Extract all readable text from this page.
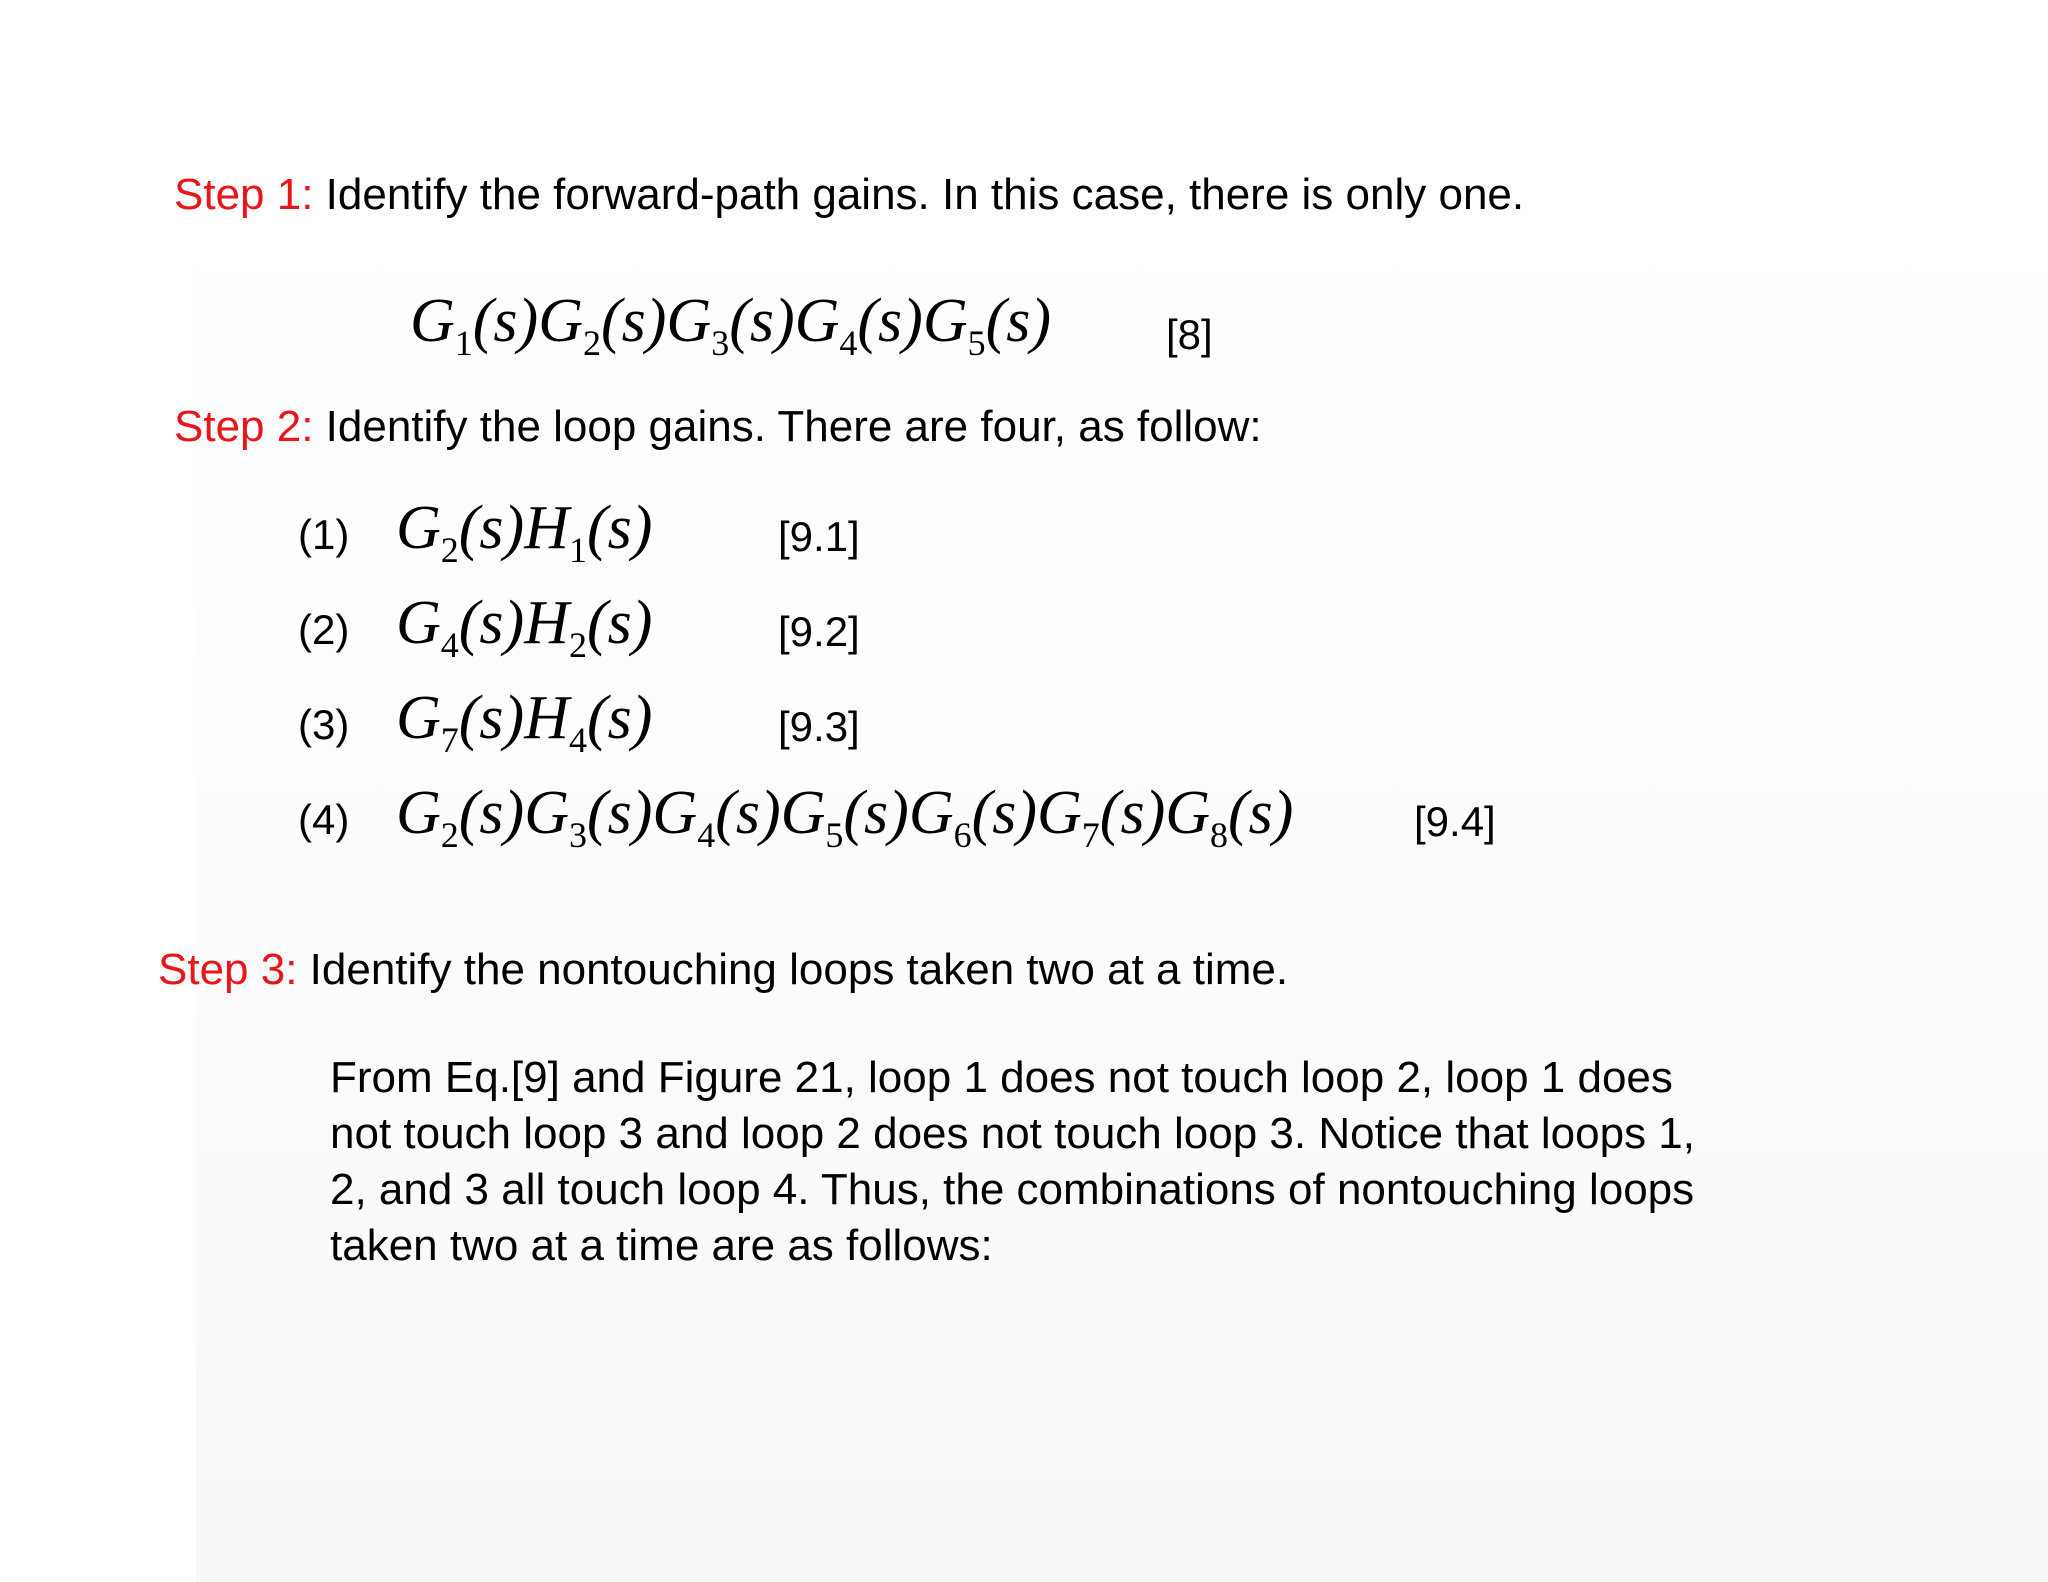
Step 1: Identify the forward-path gains. In this case, there is only one.
$G_1(s)G_2(s)G_3(s)G_4(s)G_5(s)$	[8]
Step 2: Identify the loop gains. There are four, as follow:
(1) $G_2(s)H_1(s)$	[9.1]
(2) $G_4(s)H_2(s)$	[9.2]
(3) $G_7(s)H_4(s)$	[9.3]
(4) $G_2(s)G_3(s)G_4(s)G_5(s)G_6(s)G_7(s)G_8(s)$	[9.4]
Step 3: Identify the nontouching loops taken two at a time.
From Eq.[9] and Figure 21, loop 1 does not touch loop 2, loop 1 does
not touch loop 3 and loop 2 does not touch loop 3. Notice that loops 1,
2, and 3 all touch loop 4. Thus, the combinations of nontouching loops
taken two at a time are as follows:
